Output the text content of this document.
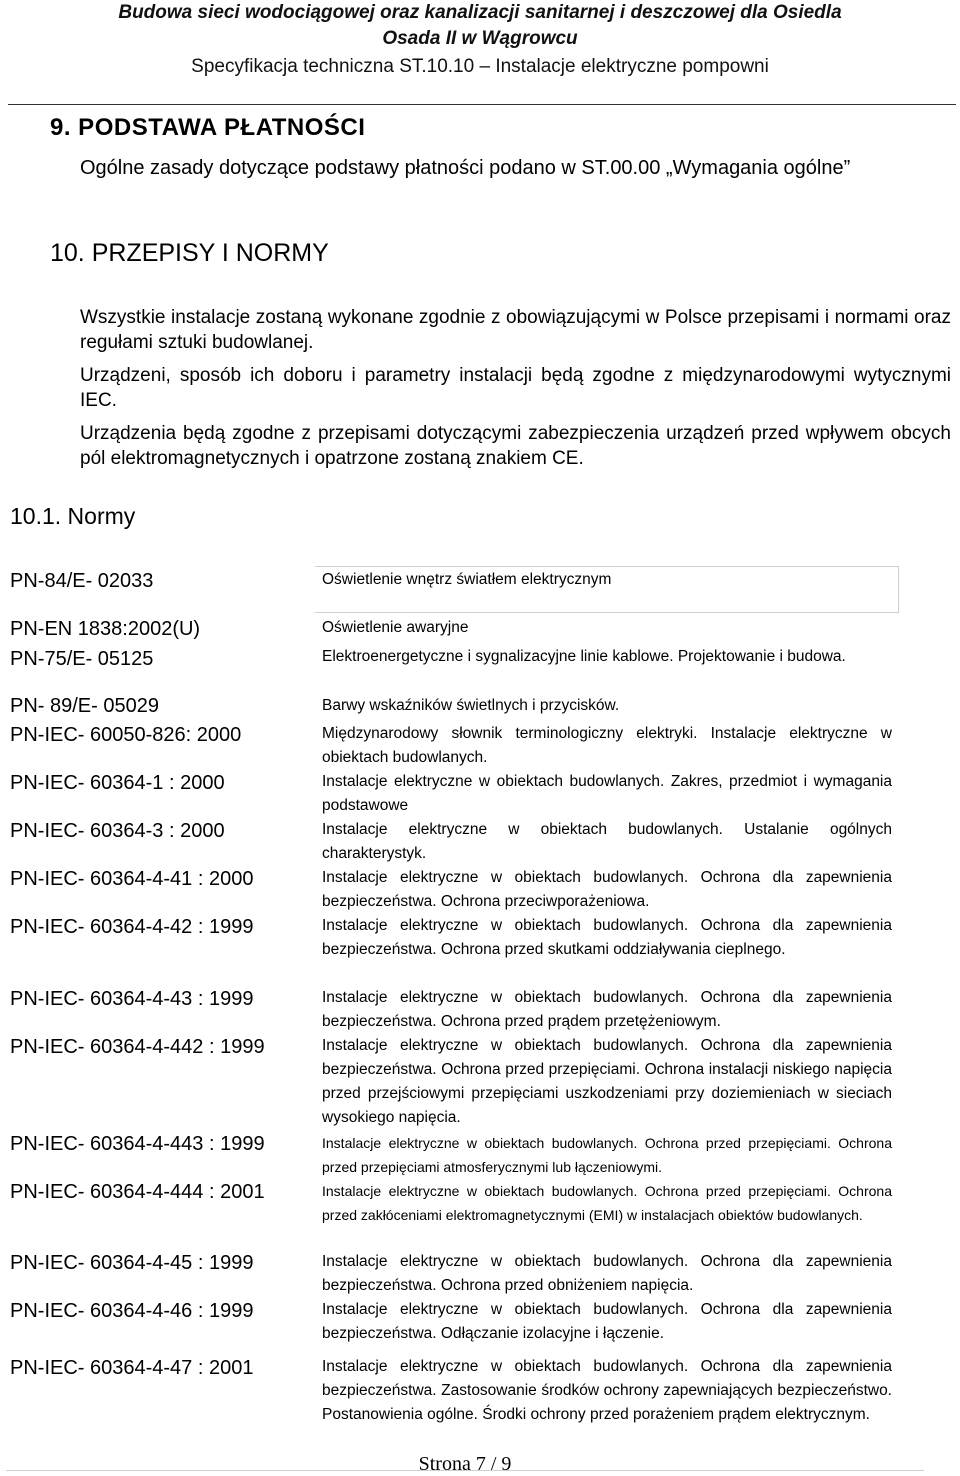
Budowa sieci wodociągowej oraz kanalizacji sanitarnej i deszczowej dla Osiedla
Osada II w Wągrowcu
Specyfikacja techniczna ST.10.10 – Instalacje elektryczne pompowni
9. PODSTAWA PŁATNOŚCI
Ogólne zasady dotyczące podstawy płatności podano w ST.00.00 „Wymagania ogólne”
10. PRZEPISY I NORMY
Wszystkie instalacje zostaną wykonane zgodnie z obowiązującymi w Polsce przepisami i normami oraz regułami sztuki budowlanej.
Urządzeni, sposób ich doboru i parametry instalacji będą zgodne z międzynarodowymi wytycznymi IEC.
Urządzenia będą zgodne z przepisami dotyczącymi zabezpieczenia urządzeń przed wpływem obcych pól elektromagnetycznych i opatrzone zostaną znakiem CE.
10.1. Normy
PN-84/E- 02033	Oświetlenie wnętrz światłem elektrycznym
PN-EN 1838:2002(U)	Oświetlenie awaryjne
PN-75/E- 05125	Elektroenergetyczne i sygnalizacyjne linie kablowe. Projektowanie i budowa.
PN- 89/E- 05029	Barwy wskaźników świetlnych i przycisków.
PN-IEC- 60050-826: 2000	Międzynarodowy słownik terminologiczny elektryki. Instalacje elektryczne w obiektach budowlanych.
PN-IEC- 60364-1 : 2000	Instalacje elektryczne w obiektach budowlanych. Zakres, przedmiot i wymagania podstawowe
PN-IEC- 60364-3 : 2000	Instalacje elektryczne w obiektach budowlanych. Ustalanie ogólnych charakterystyk.
PN-IEC- 60364-4-41 : 2000	Instalacje elektryczne w obiektach budowlanych. Ochrona dla zapewnienia bezpieczeństwa. Ochrona przeciwporażeniowa.
PN-IEC- 60364-4-42 : 1999	Instalacje elektryczne w obiektach budowlanych. Ochrona dla zapewnienia bezpieczeństwa. Ochrona przed skutkami oddziaływania cieplnego.
PN-IEC- 60364-4-43 : 1999	Instalacje elektryczne w obiektach budowlanych. Ochrona dla zapewnienia bezpieczeństwa. Ochrona przed prądem przetężeniowym.
PN-IEC- 60364-4-442 : 1999	Instalacje elektryczne w obiektach budowlanych. Ochrona dla zapewnienia bezpieczeństwa. Ochrona przed przepięciami. Ochrona instalacji niskiego napięcia przed przejściowymi przepięciami uszkodzeniami przy doziemieniach w sieciach wysokiego napięcia.
PN-IEC- 60364-4-443 : 1999	Instalacje elektryczne w obiektach budowlanych. Ochrona przed przepięciami. Ochrona przed przepięciami atmosferycznymi lub łączeniowymi.
PN-IEC- 60364-4-444 : 2001	Instalacje elektryczne w obiektach budowlanych. Ochrona przed przepięciami. Ochrona przed zakłóceniami elektromagnetycznymi (EMI) w instalacjach obiektów budowlanych.
PN-IEC- 60364-4-45 : 1999	Instalacje elektryczne w obiektach budowlanych. Ochrona dla zapewnienia bezpieczeństwa. Ochrona przed obniżeniem napięcia.
PN-IEC- 60364-4-46 : 1999	Instalacje elektryczne w obiektach budowlanych. Ochrona dla zapewnienia bezpieczeństwa. Odłączanie izolacyjne i łączenie.
PN-IEC- 60364-4-47 : 2001	Instalacje elektryczne w obiektach budowlanych. Ochrona dla zapewnienia bezpieczeństwa. Zastosowanie środków ochrony zapewniających bezpieczeństwo. Postanowienia ogólne. Środki ochrony przed porażeniem prądem elektrycznym.
Strona 7 / 9
